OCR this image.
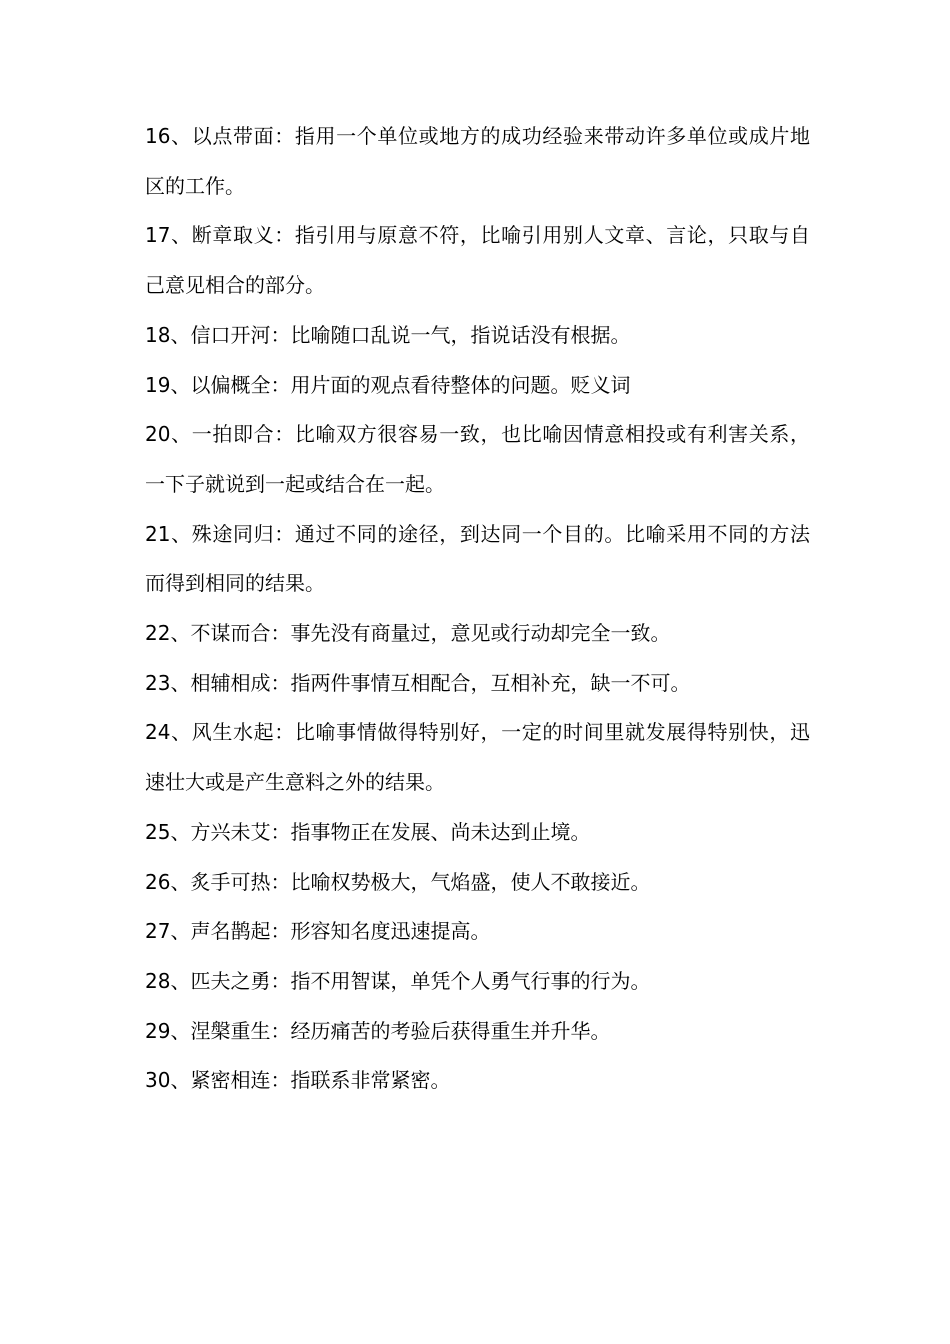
16、以点带面：指用一个单位或地方的成功经验来带动许多单位或成片地区的工作。

17、断章取义：指引用与原意不符，比喻引用别人文章、言论，只取与自己意见相合的部分。

18、信口开河：比喻随口乱说一气，指说话没有根据。

19、以偏概全：用片面的观点看待整体的问题。贬义词

20、一拍即合：比喻双方很容易一致，也比喻因情意相投或有利害关系，一下子就说到一起或结合在一起。

21、殊途同归：通过不同的途径，到达同一个目的。比喻采用不同的方法而得到相同的结果。

22、不谋而合：事先没有商量过，意见或行动却完全一致。

23、相辅相成：指两件事情互相配合，互相补充，缺一不可。

24、风生水起：比喻事情做得特别好，一定的时间里就发展得特别快，迅速壮大或是产生意料之外的结果。

25、方兴未艾：指事物正在发展、尚未达到止境。

26、炙手可热：比喻权势极大，气焰盛，使人不敢接近。

27、声名鹊起：形容知名度迅速提高。

28、匹夫之勇：指不用智谋，单凭个人勇气行事的行为。

29、涅槃重生：经历痛苦的考验后获得重生并升华。

30、紧密相连：指联系非常紧密。
